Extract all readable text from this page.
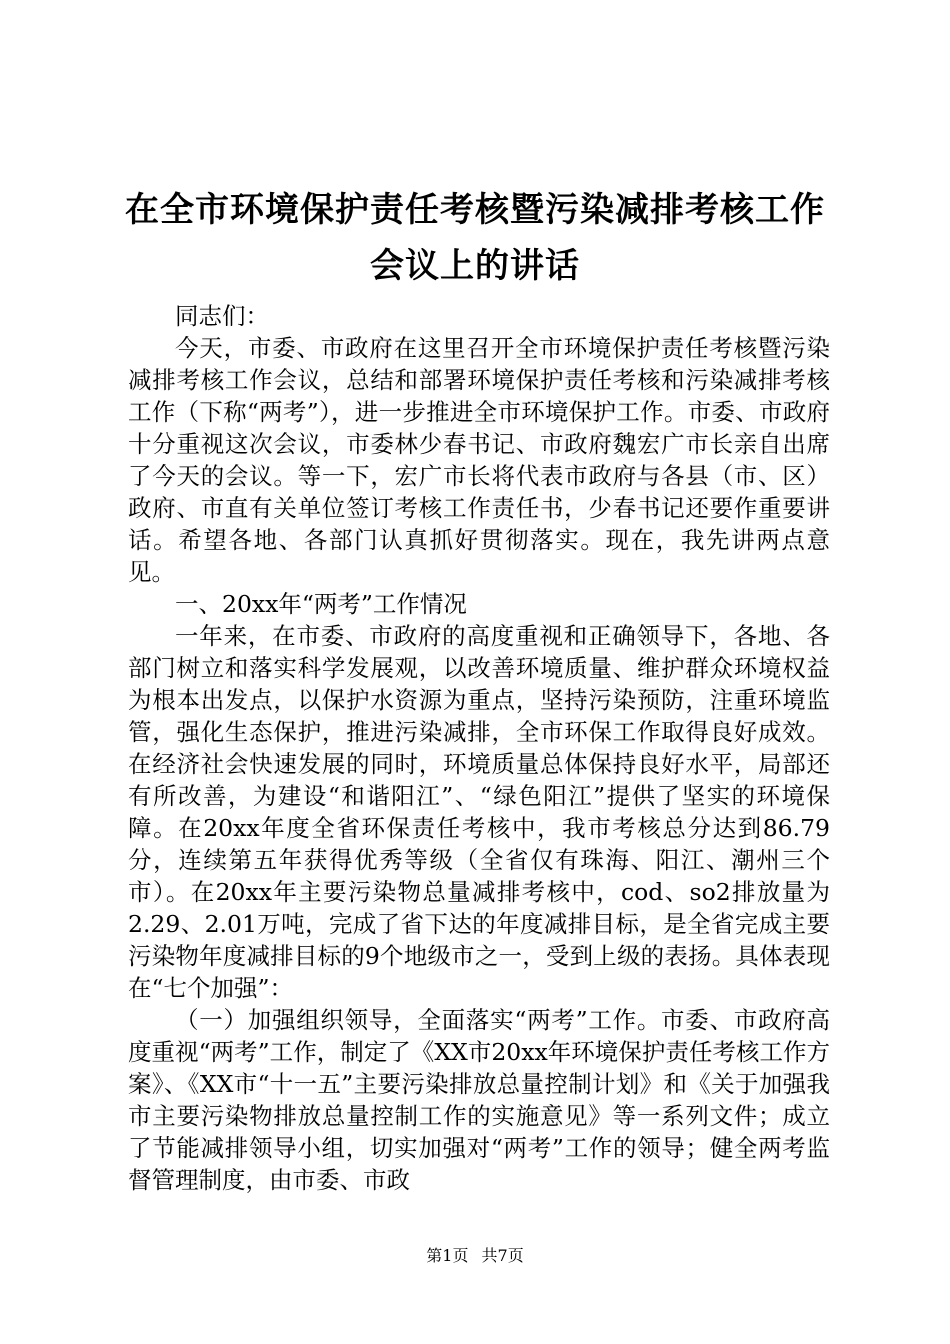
在全市环境保护责任考核暨污染减排考核工作
会议上的讲话

同志们：

今天，市委、市政府在这里召开全市环境保护责任考核暨污染减排考核工作会议，总结和部署环境保护责任考核和污染减排考核工作（下称“两考”），进一步推进全市环境保护工作。市委、市政府十分重视这次会议，市委林少春书记、市政府魏宏广市长亲自出席了今天的会议。等一下，宏广市长将代表市政府与各县（市、区）政府、市直有关单位签订考核工作责任书，少春书记还要作重要讲话。希望各地、各部门认真抓好贯彻落实。现在，我先讲两点意见。

一、20xx年“两考”工作情况

一年来，在市委、市政府的高度重视和正确领导下，各地、各部门树立和落实科学发展观，以改善环境质量、维护群众环境权益为根本出发点，以保护水资源为重点，坚持污染预防，注重环境监管，强化生态保护，推进污染减排，全市环保工作取得良好成效。在经济社会快速发展的同时，环境质量总体保持良好水平，局部还有所改善，为建设“和谐阳江”、“绿色阳江”提供了坚实的环境保障。在20xx年度全省环保责任考核中，我市考核总分达到86.79分，连续第五年获得优秀等级（全省仅有珠海、阳江、潮州三个市）。在20xx年主要污染物总量减排考核中，cod、so2排放量为2.29、2.01万吨，完成了省下达的年度减排目标，是全省完成主要污染物年度减排目标的9个地级市之一，受到上级的表扬。具体表现在“七个加强”：

（一）加强组织领导，全面落实“两考”工作。市委、市政府高度重视“两考”工作，制定了《XX市20xx年环境保护责任考核工作方案》、《XX市“十一五”主要污染排放总量控制计划》和《关于加强我市主要污染物排放总量控制工作的实施意见》等一系列文件；成立了节能减排领导小组，切实加强对“两考”工作的领导；健全两考监督管理制度，由市委、市政

第1页 共7页
